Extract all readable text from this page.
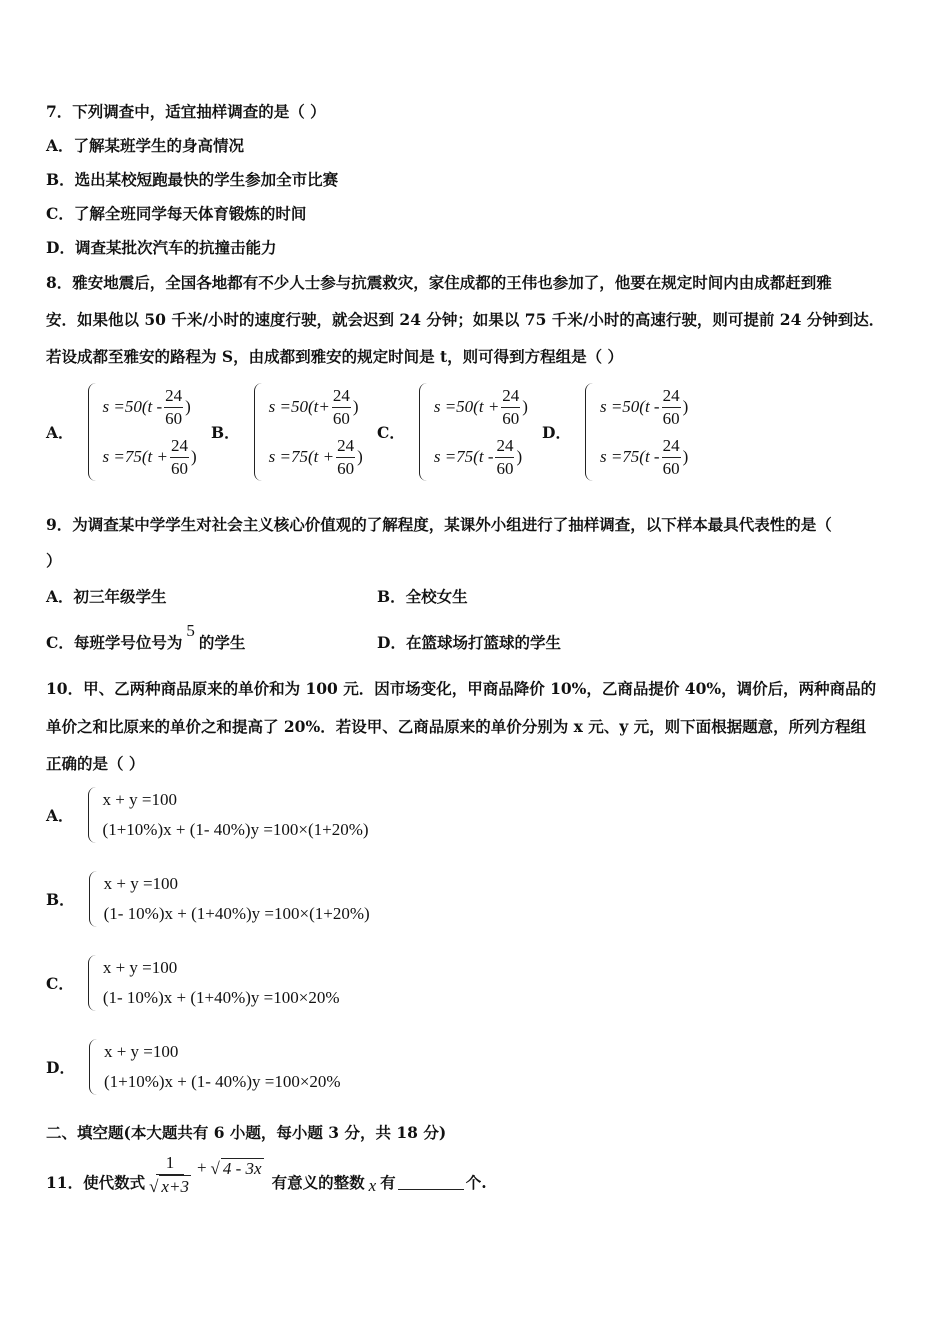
7．下列调查中，适宜抽样调查的是（ ）
A．了解某班学生的身高情况
B．选出某校短跑最快的学生参加全市比赛
C．了解全班同学每天体育锻炼的时间
D．调查某批次汽车的抗撞击能力
8．雅安地震后，全国各地都有不少人士参与抗震救灾，家住成都的王伟也参加了，他要在规定时间内由成都赶到雅
安．如果他以 50 千米/小时的速度行驶，就会迟到 24 分钟；如果以 75 千米/小时的高速行驶，则可提前 24 分钟到达．
若设成都至雅安的路程为 S，由成都到雅安的规定时间是 t，则可得到方程组是（ ）
A．
$s =50(t - \frac{24}{60}$ )
$s =75(t + \frac{24}{60}$ )
B．
$s =50(t+ \frac{24}{60}$ )
$s =75(t + \frac{24}{60}$ )
C．
$s =50(t + \frac{24}{60}$ )
$s =75(t - \frac{24}{60}$ )
D．
$s =50(t - \frac{24}{60}$ )
$s =75(t - \frac{24}{60}$ )
9．为调查某中学学生对社会主义核心价值观的了解程度，某课外小组进行了抽样调查，以下样本最具代表性的是（
）
A．初三年级学生	B．全校女生
C．每班学号位号为5的学生	D．在篮球场打篮球的学生
10．甲、乙两种商品原来的单价和为 100 元．因市场变化，甲商品降价 10%，乙商品提价 40%，调价后，两种商品的
单价之和比原来的单价之和提高了 20%．若设甲、乙商品原来的单价分别为 x 元、y 元，则下面根据题意，所列方程组
正确的是（ ）
A．
x + y =100
(1+10%)x + (1- 40%)y =100×(1+20%)
B．
x + y =100
(1- 10%)x + (1+40%)y =100×(1+20%)
C．
x + y =100
(1- 10%)x + (1+40%)y =100×20%
D．
x + y =100
(1+10%)x + (1- 40%)y =100×20%
二、填空题(本大题共有 6 小题，每小题 3 分，共 18 分)
11．使代数式 $\frac{1}{√ x+3}$ + √ 4 - 3x
有意义的整数 x 有	个.
